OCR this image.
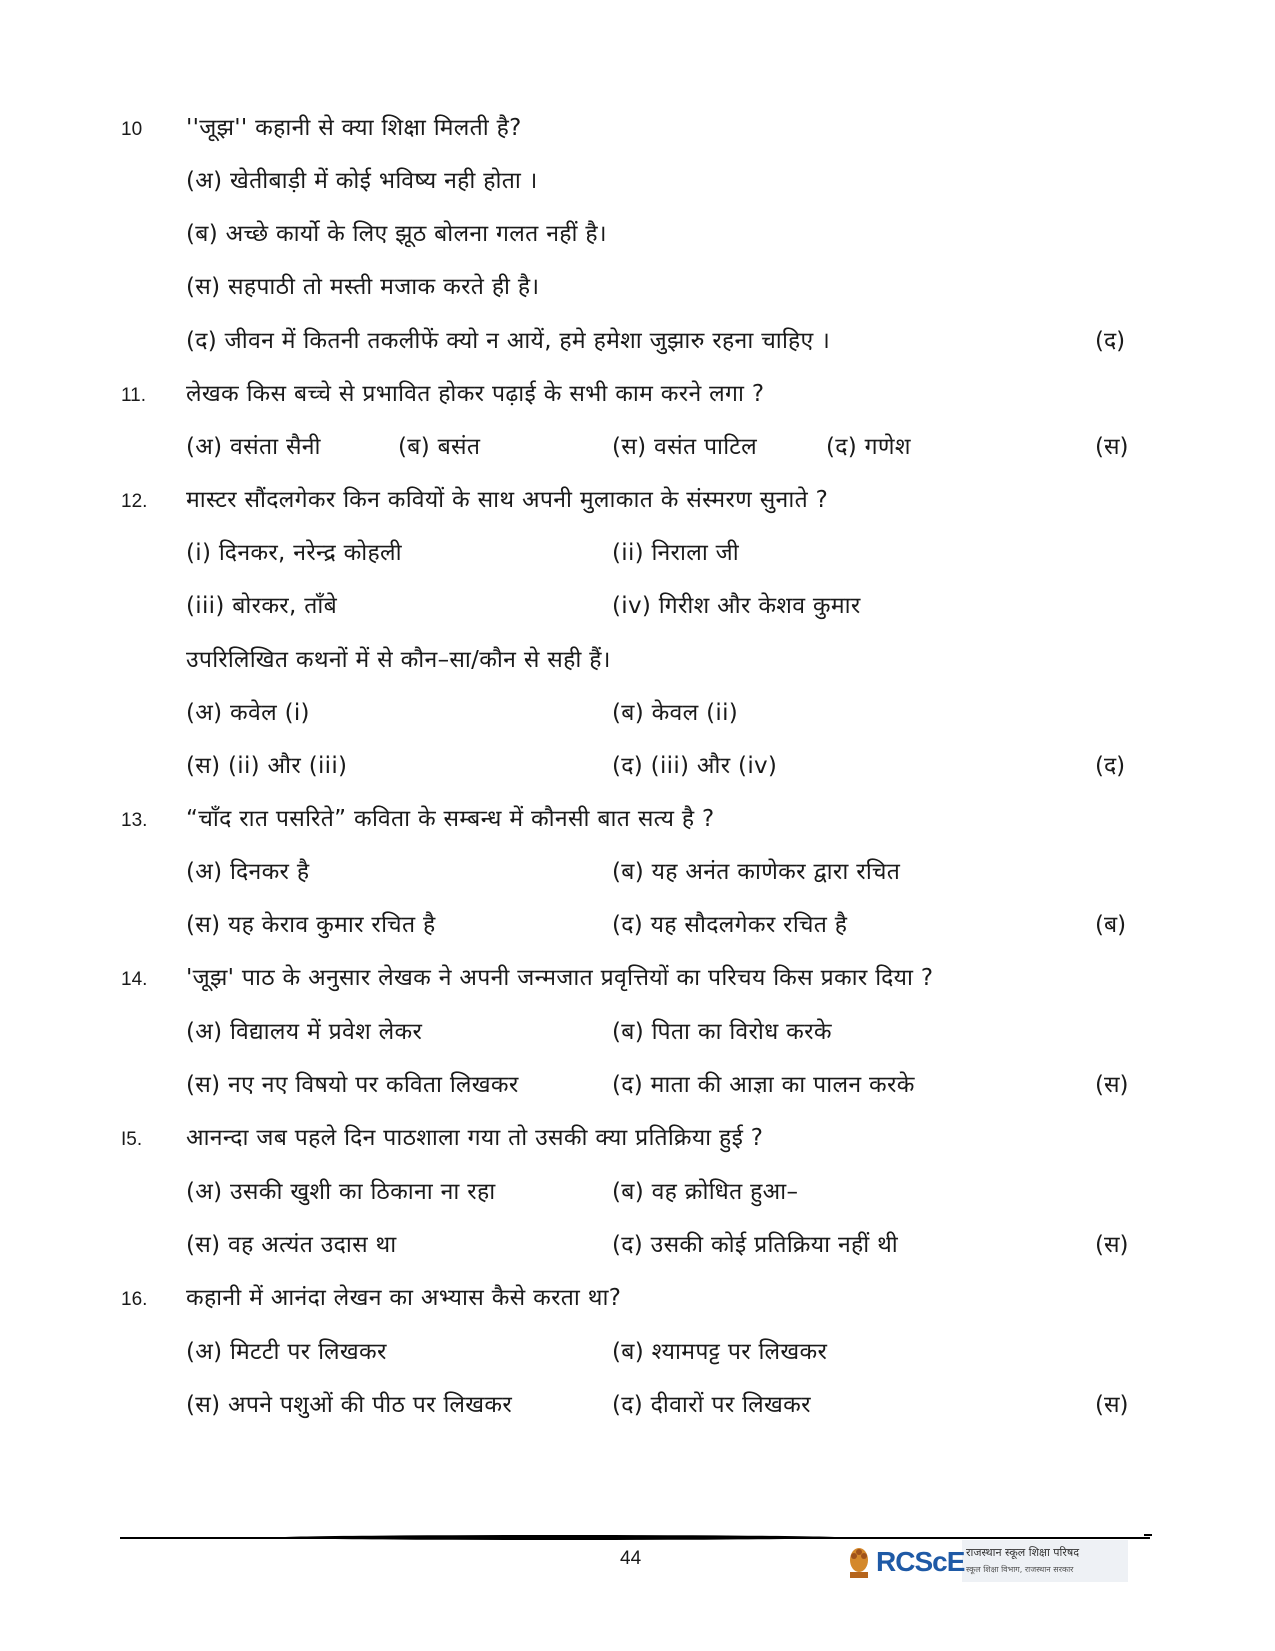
10 ''जूझ'' कहानी से क्या शिक्षा मिलती है?
(अ) खेतीबाड़ी में कोई भविष्य नही होता ।
(ब) अच्छे कार्यो के लिए झूठ बोलना गलत नहीं है।
(स) सहपाठी तो मस्ती मजाक करते ही है।
(द) जीवन में कितनी तकलीफें क्यो न आयें, हमे हमेशा जुझारु रहना चाहिए ।	(द)
11. लेखक किस बच्चे से प्रभावित होकर पढ़ाई के सभी काम करने लगा ?
(अ) वसंता सैनी	(ब) बसंत	(स) वसंत पाटिल	(द) गणेश	(स)
12. मास्टर सौंदलगेकर किन कवियों के साथ अपनी मुलाकात के संस्मरण सुनाते ?
(i) दिनकर, नरेन्द्र कोहली	(ii) निराला जी
(iii) बोरकर, ताँबे	(iv) गिरीश और केशव कुमार
उपरिलिखित कथनों में से कौन–सा/कौन से सही हैं।
(अ) कवेल (i)	(ब) केवल (ii)
(स) (ii) और (iii)	(द) (iii) और (iv)	(द)
13. “चाँद रात पसरिते” कविता के सम्बन्ध में कौनसी बात सत्य है ?
(अ) दिनकर है	(ब) यह अनंत काणेकर द्वारा रचित
(स) यह केराव कुमार रचित है	(द) यह सौदलगेकर रचित है	(ब)
14. 'जूझ' पाठ के अनुसार लेखक ने अपनी जन्मजात प्रवृत्तियों का परिचय किस प्रकार दिया ?
(अ) विद्यालय में प्रवेश लेकर	(ब) पिता का विरोध करके
(स) नए नए विषयो पर कविता लिखकर	(द) माता की आज्ञा का पालन करके	(स)
I5. आनन्दा जब पहले दिन पाठशाला गया तो उसकी क्या प्रतिक्रिया हुई ?
(अ) उसकी खुशी का ठिकाना ना रहा	(ब) वह क्रोधित हुआ–
(स) वह अत्यंत उदास था	(द) उसकी कोई प्रतिक्रिया नहीं थी	(स)
16. कहानी में आनंदा लेखन का अभ्यास कैसे करता था?
(अ) मिटटी पर लिखकर	(ब) श्यामपट्ट पर लिखकर
(स) अपने पशुओं की पीठ पर लिखकर	(द) दीवारों पर लिखकर	(स)
44	RCScE राजस्थान स्कूल शिक्षा परिषद
स्कूल शिक्षा विभाग, राजस्थान सरकार
